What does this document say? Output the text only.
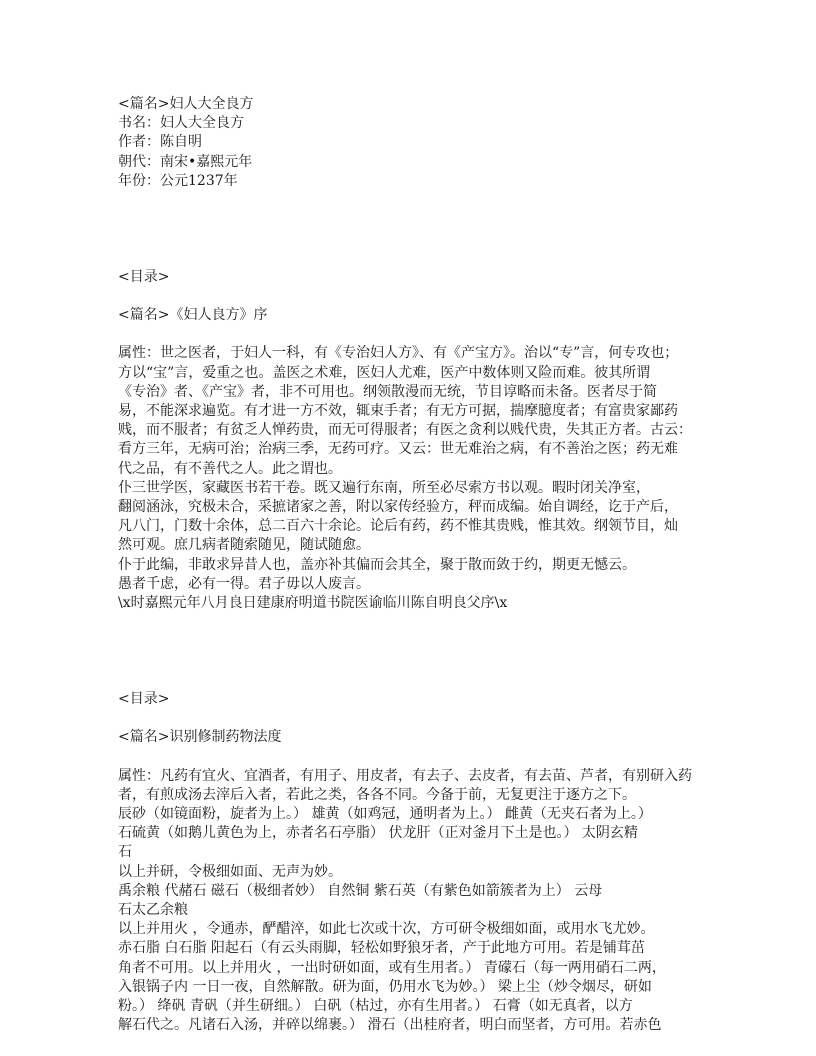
<篇名>妇人大全良方
书名：妇人大全良方
作者：陈自明
朝代：南宋•嘉熙元年
年份：公元1237年
<目录>
<篇名>《妇人良方》序
属性：世之医者，于妇人一科，有《专治妇人方》、有《产宝方》。治以“专”言，何专攻也；
方以“宝”言，爱重之也。盖医之术难，医妇人尤难，医产中数体则又险而难。彼其所谓
《专治》者、《产宝》者，非不可用也。纲领散漫而无统，节目谆略而未备。医者尽于简
易，不能深求遍览。有才进一方不效，辄束手者；有无方可据，揣摩臆度者；有富贵家鄙药
贱，而不服者；有贫乏人惮药贵，而无可得服者；有医之贪利以贱代贵，失其正方者。古云：
看方三年，无病可治；治病三季，无药可疗。又云：世无难治之病，有不善治之医；药无难
代之品，有不善代之人。此之谓也。
仆三世学医，家藏医书若干卷。既又遍行东南，所至必尽索方书以观。暇时闭关净室，
翻阅涵泳，究极未合，采摭诸家之善，附以家传经验方，秤而成编。始自调经，讫于产后，
凡八门，门数十余体，总二百六十余论。论后有药，药不惟其贵贱，惟其效。纲领节目，灿
然可观。庶几病者随索随见，随试随愈。
仆于此编，非敢求异昔人也，盖亦补其偏而会其全，聚于散而敛于约，期更无憾云。
愚者千虑，必有一得。君子毋以人废言。
\x时嘉熙元年八月良日建康府明道书院医谕临川陈自明良父序\x
<目录>
<篇名>识别修制药物法度
属性：凡药有宜火、宜酒者，有用子、用皮者，有去子、去皮者，有去苗、芦者，有别研入药
者，有煎成汤去滓后入者，若此之类，各各不同。今备于前，无复更注于逐方之下。
辰砂（如镜面粉，旋者为上。） 雄黄（如鸡冠，通明者为上。） 雌黄（无夹石者为上。）
石硫黄（如鹅儿黄色为上，赤者名石亭脂） 伏龙肝（正对釜月下土是也。） 太阴玄精
石
以上并研，令极细如面、无声为妙。
禹余粮 代赭石 磁石（极细者妙） 自然铜 紫石英（有紫色如箭簇者为上） 云母
石太乙余粮
以上并用火 ，令通赤，酽醋淬，如此七次或十次，方可研令极细如面，或用水飞尤妙。
赤石脂 白石脂 阳起石（有云头雨脚，轻松如野狼牙者，产于此地方可用。若是铺茸茁
角者不可用。以上并用火 ，一出时研如面，或有生用者。） 青礞石（每一两用硝石二两，
入银锅子内 一日一夜，自然解散。研为面，仍用水飞为妙。） 梁上尘（炒令烟尽，研如
粉。） 绛矾 青矾（并生研细。） 白矾（枯过，亦有生用者。） 石膏（如无真者，以方
解石代之。凡诸石入汤，并碎以绵裹。） 滑石（出桂府者，明白而坚者，方可用。若赤色
